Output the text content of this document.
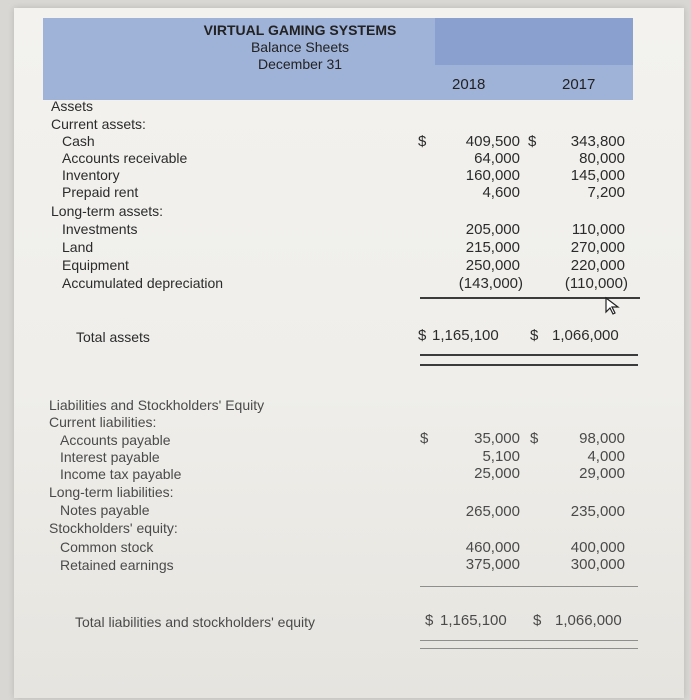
VIRTUAL GAMING SYSTEMS
Balance Sheets
December 31
2018	2017
Assets
Current assets:
$	$
Cash	409,500	343,800
Accounts receivable	64,000	80,000
Inventory	160,000	145,000
Prepaid rent	4,600	7,200
Long-term assets:
Investments	205,000	110,000
Land	215,000	270,000
Equipment	250,000	220,000
Accumulated depreciation	(143,000)	(110,000)
Total assets	$ 1,165,100 $ 1,066,000
Liabilities and Stockholders' Equity
Current liabilities:
$	$
Accounts payable	35,000	98,000
Interest payable	5,100	4,000
Income tax payable	25,000	29,000
Long-term liabilities:
Notes payable	265,000	235,000
Stockholders' equity:
Common stock	460,000	400,000
Retained earnings	375,000	300,000
Total liabilities and stockholders' equity	$ 1,165,100 $ 1,066,000
